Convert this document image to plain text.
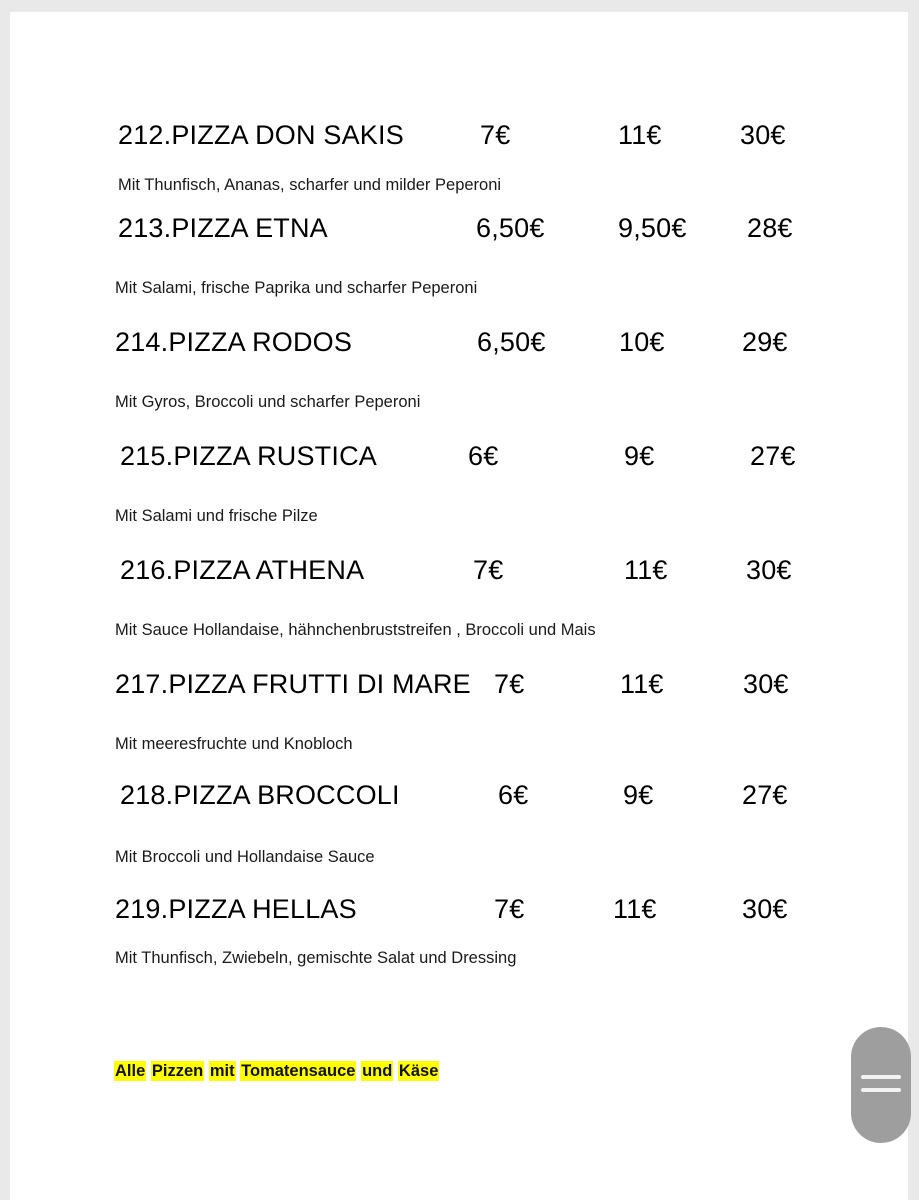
212.PIZZA DON SAKIS	7€	11€	30€
Mit Thunfisch, Ananas, scharfer und milder Peperoni
213.PIZZA ETNA	6,50€	9,50€ 28€
Mit Salami, frische Paprika und scharfer Peperoni
214.PIZZA RODOS	6,50€	10€	29€
Mit Gyros, Broccoli und scharfer Peperoni
215.PIZZA RUSTICA	6€	9€	27€
Mit Salami und frische Pilze
216.PIZZA ATHENA	7€	11€	30€
Mit Sauce Hollandaise, hähnchenbruststreifen , Broccoli und Mais
217.PIZZA FRUTTI DI MARE 7€	11€	30€
Mit meeresfruchte und Knobloch
218.PIZZA BROCCOLI	6€	9€	27€
Mit Broccoli und Hollandaise Sauce
219.PIZZA HELLAS	7€	11€	30€
Mit Thunfisch, Zwiebeln, gemischte Salat und Dressing
Alle Pizzen mit Tomatensauce und Käse
